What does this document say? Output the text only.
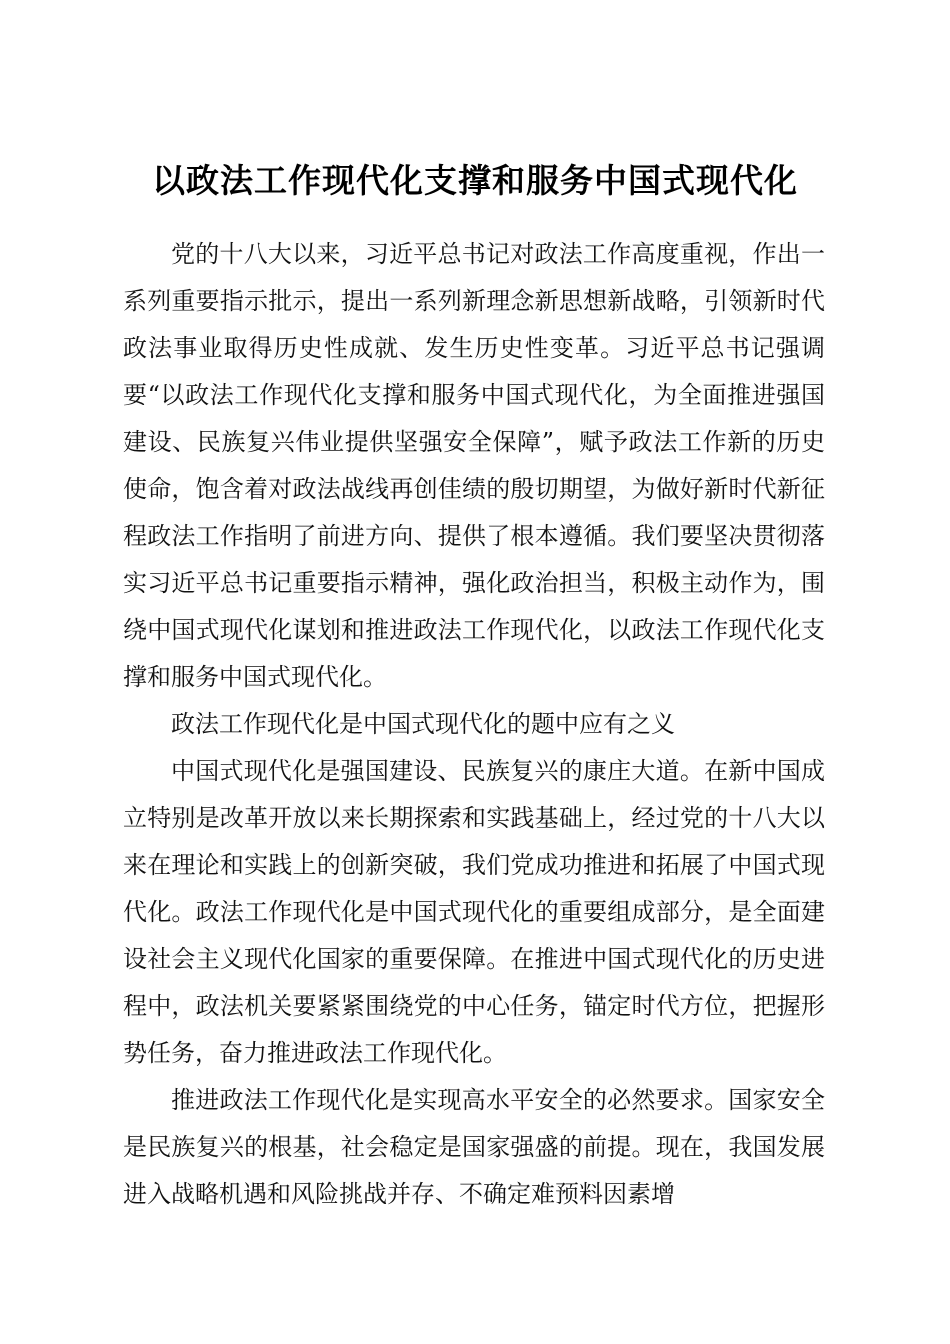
以政法工作现代化支撑和服务中国式现代化

党的十八大以来，习近平总书记对政法工作高度重视，作出一系列重要指示批示，提出一系列新理念新思想新战略，引领新时代政法事业取得历史性成就、发生历史性变革。习近平总书记强调要“以政法工作现代化支撑和服务中国式现代化，为全面推进强国建设、民族复兴伟业提供坚强安全保障”，赋予政法工作新的历史使命，饱含着对政法战线再创佳绩的殷切期望，为做好新时代新征程政法工作指明了前进方向、提供了根本遵循。我们要坚决贯彻落实习近平总书记重要指示精神，强化政治担当，积极主动作为，围绕中国式现代化谋划和推进政法工作现代化，以政法工作现代化支撑和服务中国式现代化。

政法工作现代化是中国式现代化的题中应有之义

中国式现代化是强国建设、民族复兴的康庄大道。在新中国成立特别是改革开放以来长期探索和实践基础上，经过党的十八大以来在理论和实践上的创新突破，我们党成功推进和拓展了中国式现代化。政法工作现代化是中国式现代化的重要组成部分，是全面建设社会主义现代化国家的重要保障。在推进中国式现代化的历史进程中，政法机关要紧紧围绕党的中心任务，锚定时代方位，把握形势任务，奋力推进政法工作现代化。

推进政法工作现代化是实现高水平安全的必然要求。国家安全是民族复兴的根基，社会稳定是国家强盛的前提。现在，我国发展进入战略机遇和风险挑战并存、不确定难预料因素增
